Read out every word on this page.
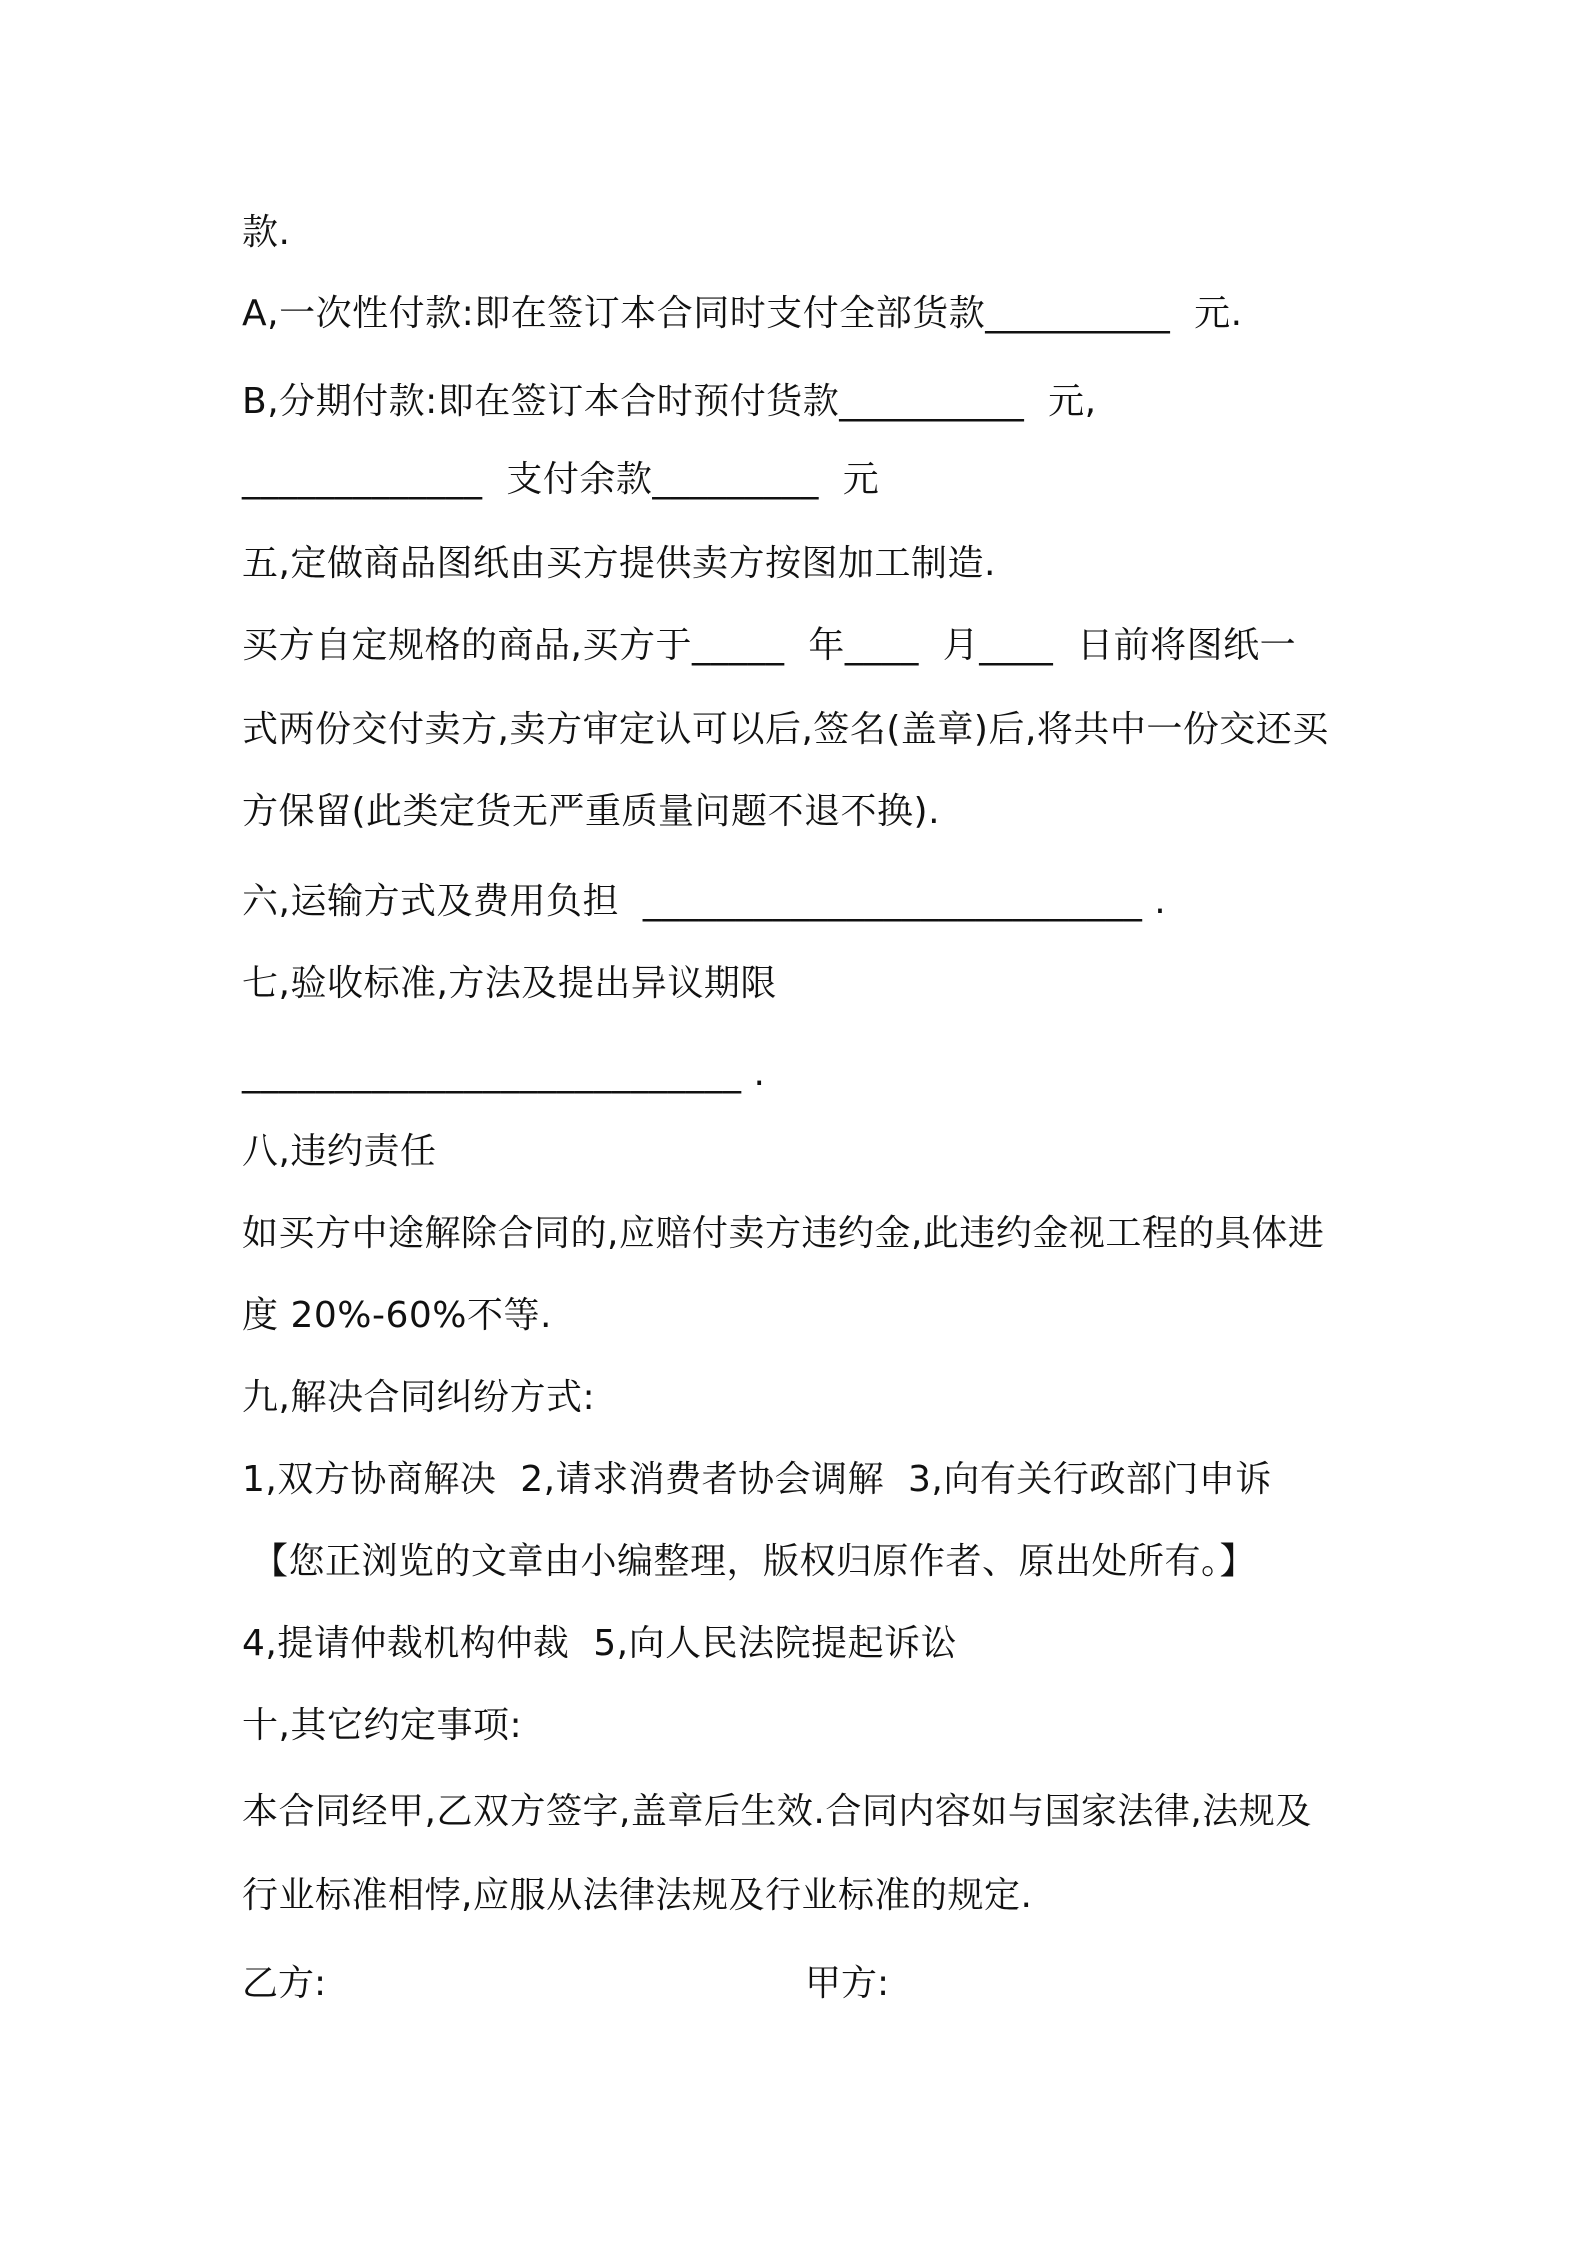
款.
A,一次性付款:即在签订本合同时支付全部货款__________  元.
B,分期付款:即在签订本合时预付货款__________  元,
_____________  支付余款_________  元
五,定做商品图纸由买方提供卖方按图加工制造.
买方自定规格的商品,买方于_____  年____  月____  日前将图纸一
式两份交付卖方,卖方审定认可以后,签名(盖章)后,将共中一份交还买
方保留(此类定货无严重质量问题不退不换).
六,运输方式及费用负担  ___________________________ .
七,验收标准,方法及提出异议期限
___________________________ .
八,违约责任
如买方中途解除合同的,应赔付卖方违约金,此违约金视工程的具体进
度 20%-60%不等.
九,解决合同纠纷方式:
1,双方协商解决  2,请求消费者协会调解  3,向有关行政部门申诉
【您正浏览的文章由小编整理，版权归原作者、原出处所有。】
4,提请仲裁机构仲裁  5,向人民法院提起诉讼
十,其它约定事项:
本合同经甲,乙双方签字,盖章后生效.合同内容如与国家法律,法规及
行业标准相悖,应服从法律法规及行业标准的规定.
乙方:	甲方:
